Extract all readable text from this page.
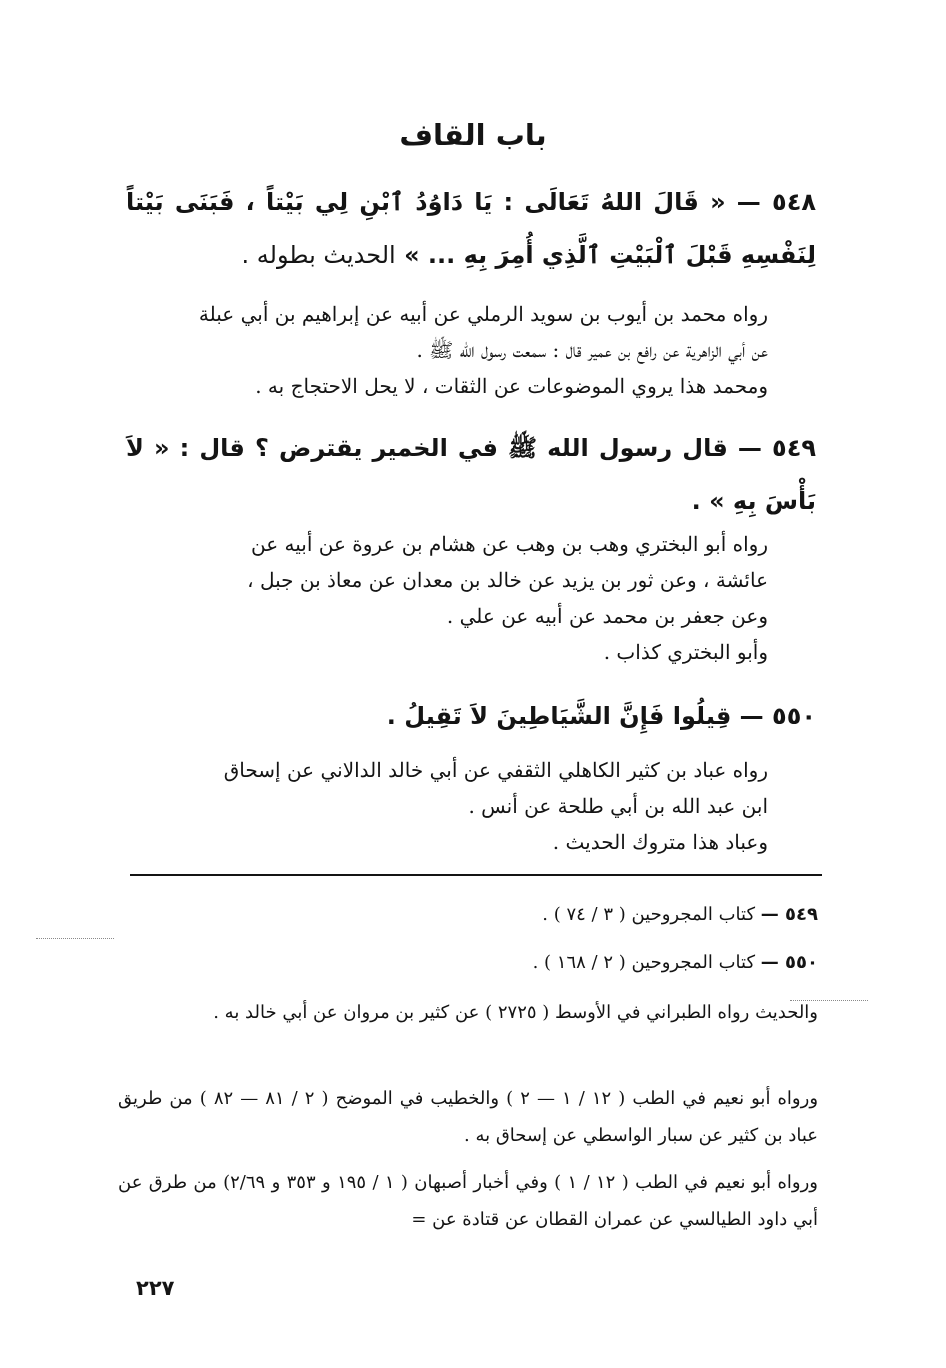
باب القاف
٥٤٨ — « قَالَ اللهُ تَعَالَى : يَا دَاوُدُ ٱبْنِ لِي بَيْتاً ، فَبَنَى بَيْتاً لِنَفْسِهِ قَبْلَ ٱلْبَيْتِ ٱلَّذِي أُمِرَ بِهِ ... » الحديث بطوله .
رواه محمد بن أيوب بن سويد الرملي عن أبيه عن إبراهيم بن أبي عبلة
عن أبي الزاهرية عن رافع بن عمير قال : سمعت رسول الله ﷺ .
ومحمد هذا يروي الموضوعات عن الثقات ، لا يحل الاحتجاج به .
٥٤٩ — قال رسول الله ﷺ في الخمير يقترض ؟ قال : « لاَ بَأْسَ بِهِ » .
رواه أبو البختري وهب بن وهب عن هشام بن عروة عن أبيه عن
عائشة ، وعن ثور بن يزيد عن خالد بن معدان عن معاذ بن جبل ،
وعن جعفر بن محمد عن أبيه عن علي .
وأبو البختري كذاب .
٥٥٠ — قِيلُوا فَإِنَّ الشَّيَاطِينَ لاَ تَقِيلُ .
رواه عباد بن كثير الكاهلي الثقفي عن أبي خالد الدالاني عن إسحاق
ابن عبد الله بن أبي طلحة عن أنس .
وعباد هذا متروك الحديث .
٥٤٩ — كتاب المجروحين ( ٣ / ٧٤ ) .
٥٥٠ — كتاب المجروحين ( ٢ / ١٦٨ ) .
والحديث رواه الطبراني في الأوسط ( ٢٧٢٥ ) عن كثير بن مروان عن أبي خالد به .
ورواه أبو نعيم في الطب ( ١٢ / ١ — ٢ ) والخطيب في الموضح ( ٢ / ٨١ — ٨٢ ) من طريق عباد بن كثير عن سبار الواسطي عن إسحاق به .
ورواه أبو نعيم في الطب ( ١٢ / ١ ) وفي أخبار أصبهان ( ١ / ١٩٥ و ٣٥٣ و ٢/٦٩) من طرق عن أبي داود الطيالسي عن عمران القطان عن قتادة عن =
٢٢٧
